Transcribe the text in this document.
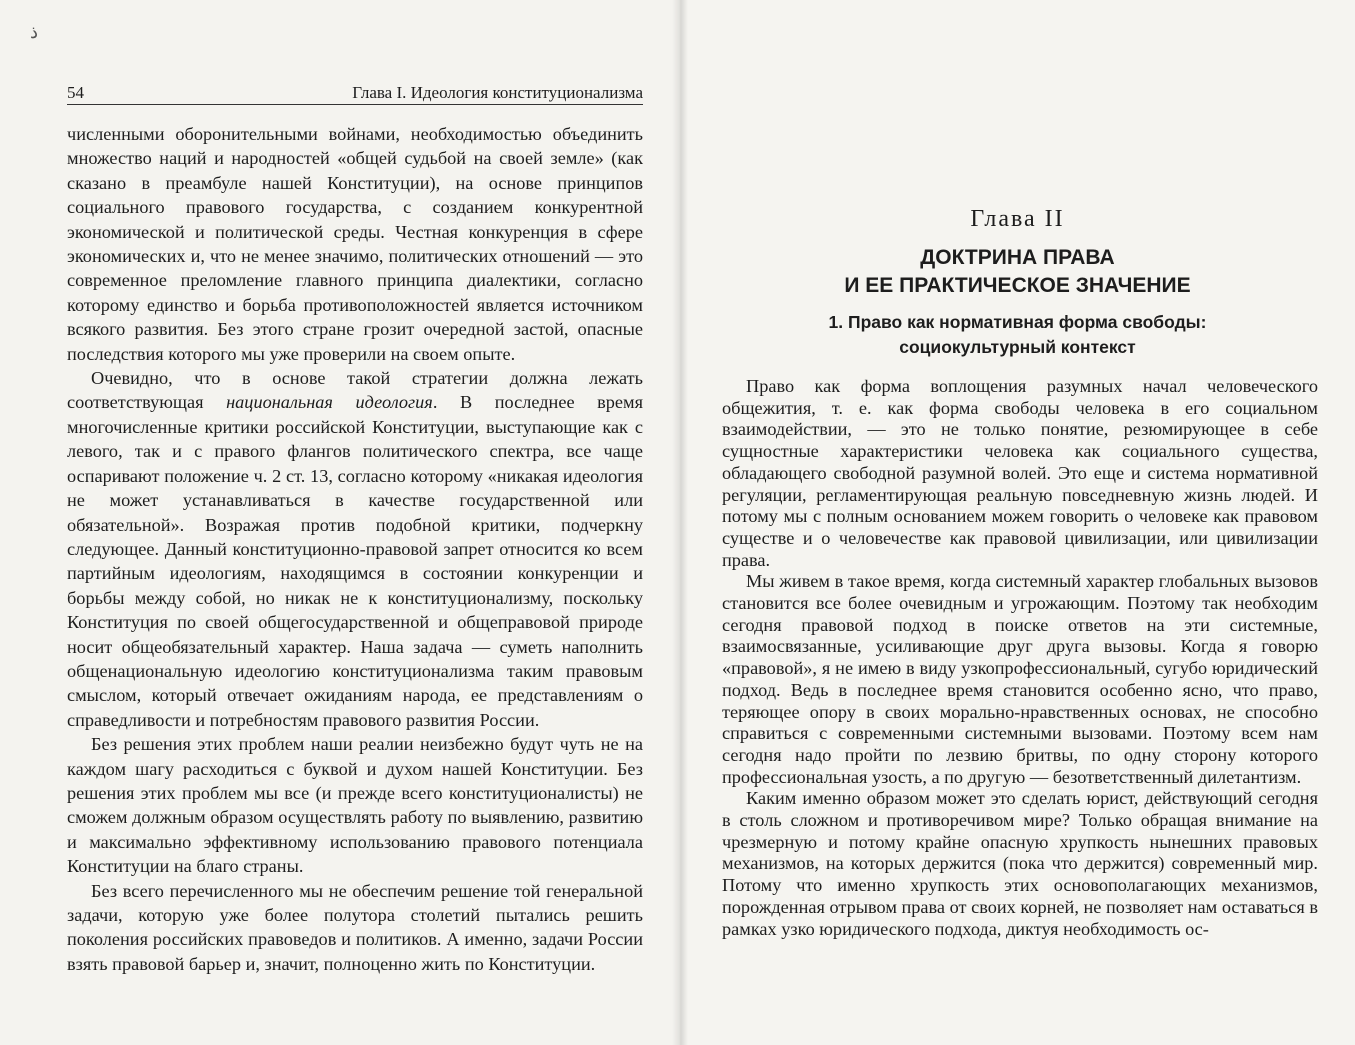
ذ
54	Глава I. Идеология конституционализма

численными оборонительными войнами, необходимостью объединить множество наций и народностей «общей судьбой на своей земле» (как сказано в преамбуле нашей Конституции), на основе принципов социального правового государства, с созданием конкурентной экономической и политической среды. Честная конкуренция в сфере экономических и, что не менее значимо, политических отношений — это современное преломление главного принципа диалектики, согласно которому единство и борьба противоположностей является источником всякого развития. Без этого стране грозит очередной застой, опасные последствия которого мы уже проверили на своем опыте.

Очевидно, что в основе такой стратегии должна лежать соответствующая национальная идеология. В последнее время многочисленные критики российской Конституции, выступающие как с левого, так и с правого флангов политического спектра, все чаще оспаривают положение ч. 2 ст. 13, согласно которому «никакая идеология не может устанавливаться в качестве государственной или обязательной». Возражая против подобной критики, подчеркну следующее. Данный конституционно-правовой запрет относится ко всем партийным идеологиям, находящимся в состоянии конкуренции и борьбы между собой, но никак не к конституционализму, поскольку Конституция по своей общегосударственной и общеправовой природе носит общеобязательный характер. Наша задача — суметь наполнить общенациональную идеологию конституционализма таким правовым смыслом, который отвечает ожиданиям народа, ее представлениям о справедливости и потребностям правового развития России.

Без решения этих проблем наши реалии неизбежно будут чуть не на каждом шагу расходиться с буквой и духом нашей Конституции. Без решения этих проблем мы все (и прежде всего конституционалисты) не сможем должным образом осуществлять работу по выявлению, развитию и максимально эффективному использованию правового потенциала Конституции на благо страны.

Без всего перечисленного мы не обеспечим решение той генеральной задачи, которую уже более полутора столетий пытались решить поколения российских правоведов и политиков. А именно, задачи России взять правовой барьер и, значит, полноценно жить по Конституции.

Глава II
ДОКТРИНА ПРАВА
И ЕЕ ПРАКТИЧЕСКОЕ ЗНАЧЕНИЕ
1. Право как нормативная форма свободы:
социокультурный контекст

Право как форма воплощения разумных начал человеческого общежития, т. е. как форма свободы человека в его социальном взаимодействии, — это не только понятие, резюмирующее в себе сущностные характеристики человека как социального существа, обладающего свободной разумной волей. Это еще и система нормативной регуляции, регламентирующая реальную повседневную жизнь людей. И потому мы с полным основанием можем говорить о человеке как правовом существе и о человечестве как правовой цивилизации, или цивилизации права.

Мы живем в такое время, когда системный характер глобальных вызовов становится все более очевидным и угрожающим. Поэтому так необходим сегодня правовой подход в поиске ответов на эти системные, взаимосвязанные, усиливающие друг друга вызовы. Когда я говорю «правовой», я не имею в виду узкопрофессиональный, сугубо юридический подход. Ведь в последнее время становится особенно ясно, что право, теряющее опору в своих морально-нравственных основах, не способно справиться с современными системными вызовами. Поэтому всем нам сегодня надо пройти по лезвию бритвы, по одну сторону которого профессиональная узость, а по другую — безответственный дилетантизм.

Каким именно образом может это сделать юрист, действующий сегодня в столь сложном и противоречивом мире? Только обращая внимание на чрезмерную и потому крайне опасную хрупкость нынешних правовых механизмов, на которых держится (пока что держится) современный мир. Потому что именно хрупкость этих основополагающих механизмов, порожденная отрывом права от своих корней, не позволяет нам оставаться в рамках узко юридического подхода, диктуя необходимость ос-
